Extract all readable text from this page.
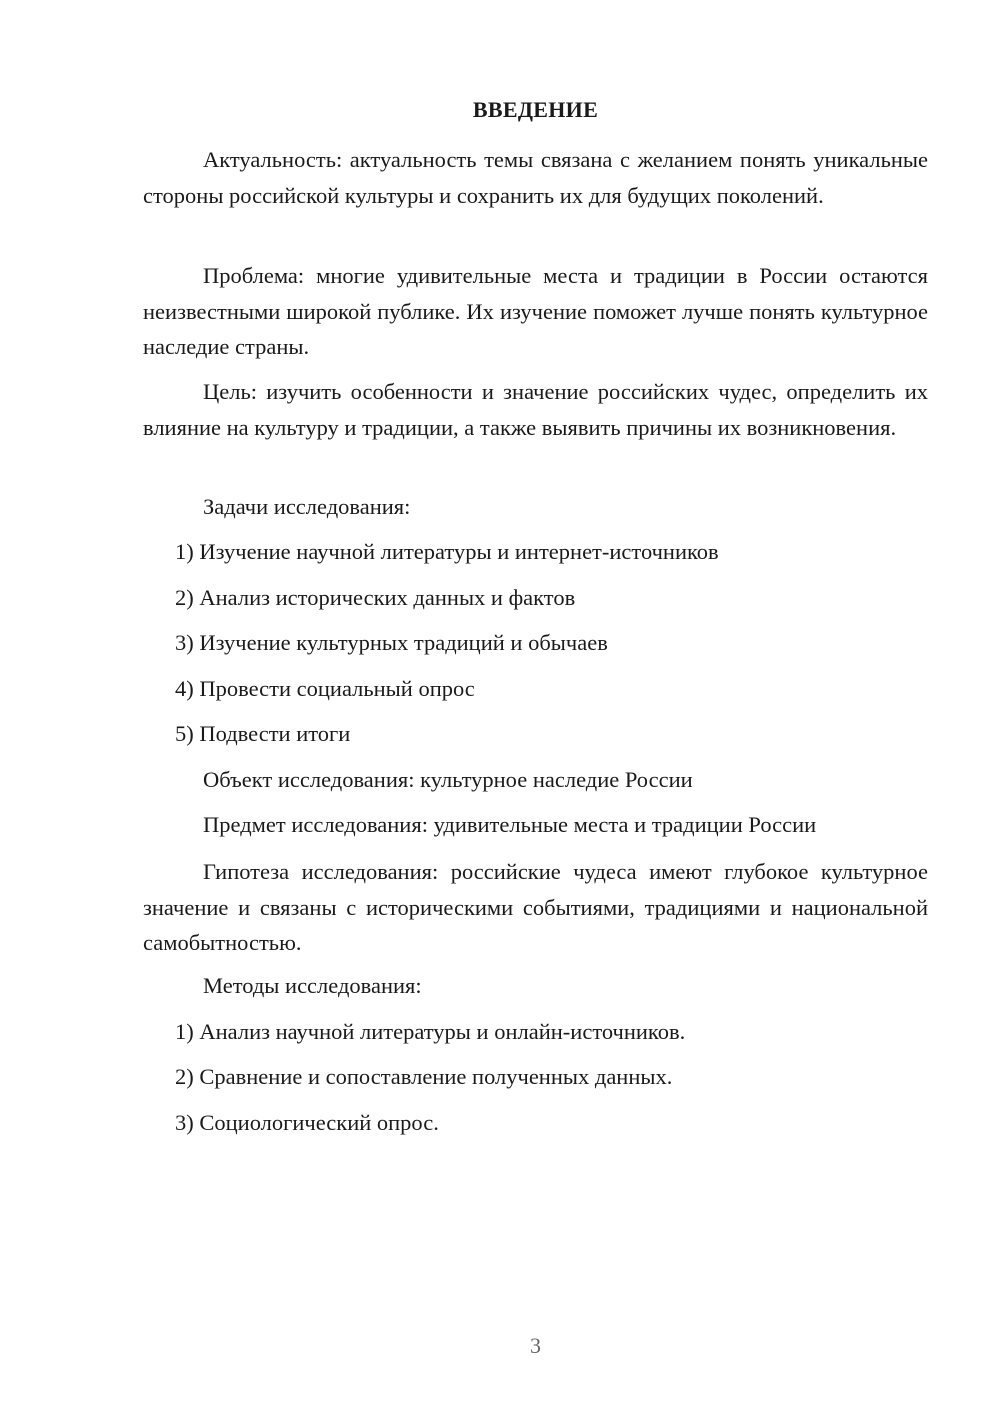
ВВЕДЕНИЕ

Актуальность: актуальность темы связана с желанием понять уникальные стороны российской культуры и сохранить их для будущих поколений.

Проблема: многие удивительные места и традиции в России остаются неизвестными широкой публике. Их изучение поможет лучше понять культурное наследие страны.

Цель: изучить особенности и значение российских чудес, определить их влияние на культуру и традиции, а также выявить причины их возникновения.

Задачи исследования:

1) Изучение научной литературы и интернет-источников

2) Анализ исторических данных и фактов

3) Изучение культурных традиций и обычаев

4) Провести социальный опрос

5) Подвести итоги

Объект исследования: культурное наследие России

Предмет исследования: удивительные места и традиции России

Гипотеза исследования: российские чудеса имеют глубокое культурное значение и связаны с историческими событиями, традициями и национальной самобытностью.

Методы исследования:

1) Анализ научной литературы и онлайн-источников.

2) Сравнение и сопоставление полученных данных.

3) Социологический опрос.

3
